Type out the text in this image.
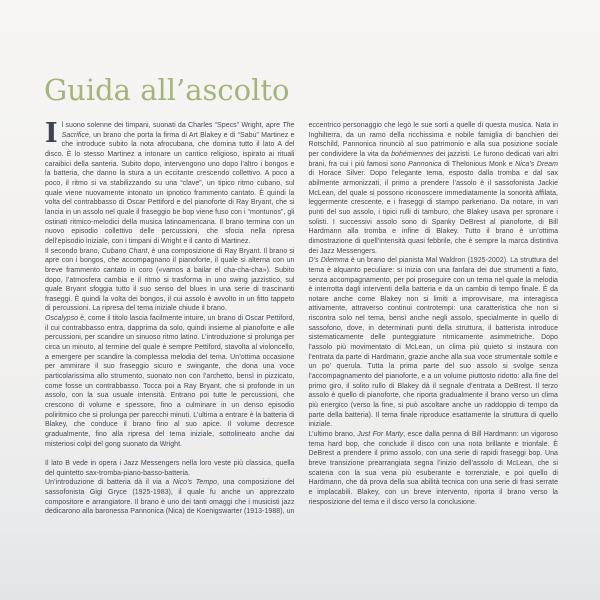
Guida all’ascolto

Il suono solenne dei timpani, suonati da Charles “Specs” Wright, apre The Sacrifice, un brano che porta la firma di Art Blakey e di “Sabu” Martinez e che introduce subito la nota afrocubana, che domina tutto il lato A del disco. È lo stesso Martinez a intonare un cantico religioso, ispirato ai rituali caraibici della santeria. Subito dopo, intervengono uno dopo l’altro i bongos e la batteria, che danno la stura a un eccitante crescendo collettivo. A poco a poco, il ritmo si va stabilizzando su una “clave”, un tipico ritmo cubano, sul quale viene nuovamente intonato un ipnotico frammento cantato. È quindi la volta del contrabbasso di Oscar Pettiford e del pianoforte di Ray Bryant, che si lancia in un assolo nel quale il fraseggio be bop viene fuso con i “montunos”, gli ostinati ritmico-melodici della musica latinoamericana. Il brano termina con un nuovo episodio collettivo delle percussioni, che sfocia nella ripresa dell’episodio iniziale, con i timpani di Wright e il canto di Martinez.

Il secondo brano, Cubano Chant, è una composizione di Ray Bryant. Il brano si apre con i bongos, che accompagnano il pianoforte, il quale si alterna con un breve frammento cantato in coro («vamos a bailar el cha-cha-cha»). Subito dopo, l’atmosfera cambia e il ritmo si trasforma in uno swing jazzistico, sul quale Bryant sfoggia tutto il suo senso del blues in una serie di trascinanti fraseggi. È quindi la volta dei bongos, il cui assolo è avvolto in un fitto tappeto di percussioni. La ripresa del tema iniziale chiude il brano.

Oscalypso è, come il titolo lascia facilmente intuire, un brano di Oscar Pettiford, il cui contrabbasso entra, dapprima da solo, quindi insieme al pianoforte e alle percussioni, per scandire un sinuoso ritmo latino. L’introduzione si prolunga per circa un minuto, al termine del quale è sempre Pettiford, stavolta al violoncello, a emergere per scandire la complessa melodia del tema. Un’ottima occasione per ammirare il suo fraseggio sicuro e swingante, che dona una voce particolarissima allo strumento, suonato non con l’archetto, bensì in pizzicato, come fosse un contrabbasso. Tocca poi a Ray Bryant, che si profonde in un assolo, con la sua usuale intensità. Entrano poi tutte le percussioni, che crescono di volume e spessore, fino a culminare in un denso episodio poliritmico che si prolunga per parecchi minuti. L’ultima a entrare è la batteria di Blakey, che conduce il brano fino al suo apice. Il volume decresce gradualmente, fino alla ripresa del tema iniziale, sottolineato anche dai misteriosi colpi del gong suonato da Wright.

Il lato B vede in opera i Jazz Messengers nella loro veste più classica, quella del quintetto sax-tromba-piano-basso-batteria.

Un’introduzione di batteria dà il via a Nico’s Tempo, una composizione del sassofonista Gigi Gryce (1925-1983), il quale fu anche un apprezzato compositore e arrangiatore. Il brano è uno dei tanti omaggi che i musicisti jazz dedicarono alla baronessa Pannonica (Nica) de Koenigswarter (1913-1988), un eccentrico personaggio che legò le sue sorti a quelle di questa musica. Nata in Inghilterra, da un ramo della ricchissima e nobile famiglia di banchieri dei Rotschild, Pannonica rinunciò al suo patrimonio e alla sua posizione sociale per condividere la vita da bohémiennes dei jazzisti. Le furono dedicati vari altri brani, fra cui i più famosi sono Pannonica di Thelonious Monk e Nica’s Dream di Horace Silver. Dopo l’elegante tema, esposto dalla tromba e dal sax abilmente armonizzati, il primo a prendere l’assolo è il sassofonista Jackie McLean, del quale si possono riconoscere immediatamente la sonorità affilata, leggermente crescente, e i fraseggi di stampo parkeriano. Da notare, in vari punti del suo assolo, i tipici rulli di tamburo, che Blakey usava per spronare i solisti. I successivi assolo sono di Spanky DeBrest al pianoforte, di Bill Hardmann alla tromba e infine di Blakey. Tutto il brano è un’ottima dimostrazione di quell’intensità quasi febbrile, che è sempre la marca distintiva dei Jazz Messengers.

D’s Dilemma è un brano del pianista Mal Waldron (1925-2002). La struttura del tema è alquanto peculiare: si inizia con una fanfara dei due strumenti a fiato, senza accompagnamento, per poi proseguire con un tema nel quale la melodia è interrotta dagli interventi della batteria e da un cambio di tempo finale. È da notare anche come Blakey non si limiti a improvvisare, ma interagisca attivamente, attraverso continui controtempi: una caratteristica che non si riscontra solo nel tema, bensì anche negli assolo, specialmente in quello di sassofono, dove, in determinati punti della struttura, il batterista introduce sistematicamente delle punteggiature ritmicamente asimmetriche. Dopo l’assolo più movimentato di McLean, un clima più quieto si instaura con l’entrata da parte di Hardmann, grazie anche alla sua voce strumentale sottile e un po’ querula. Tutta la prima parte del suo assolo si svolge senza l’accompagnamento del pianoforte, e a un volume piuttosto ridotto: alla fine del primo giro, il solito rullo di Blakey dà il segnale d’entrata a DeBrest. Il terzo assolo è quello di pianoforte, che riporta gradualmente il brano verso un clima più energico (verso la fine, si può ascoltare anche un raddoppio di tempo da parte della batteria). Il tema finale riproduce esattamente la struttura di quello iniziale.

L’ultimo brano, Just For Marty, esce dalla penna di Bill Hardmann: un vigoroso tema hard bop, che conclude il disco con una nota brillante e trionfale. È DeBrest a prendere il primo assolo, con una serie di rapidi fraseggi bop. Una breve transizione prearrangiata segna l’inizio dell’assolo di McLean, che si scatena con la sua vena più esuberante e torrenziale, e poi quello di Hardmann, che dà prova della sua abilità tecnica con una serie di frasi serrate e implacabili. Blakey, con un breve intervento, riporta il brano verso la riesposizione del tema e il disco verso la conclusione.
